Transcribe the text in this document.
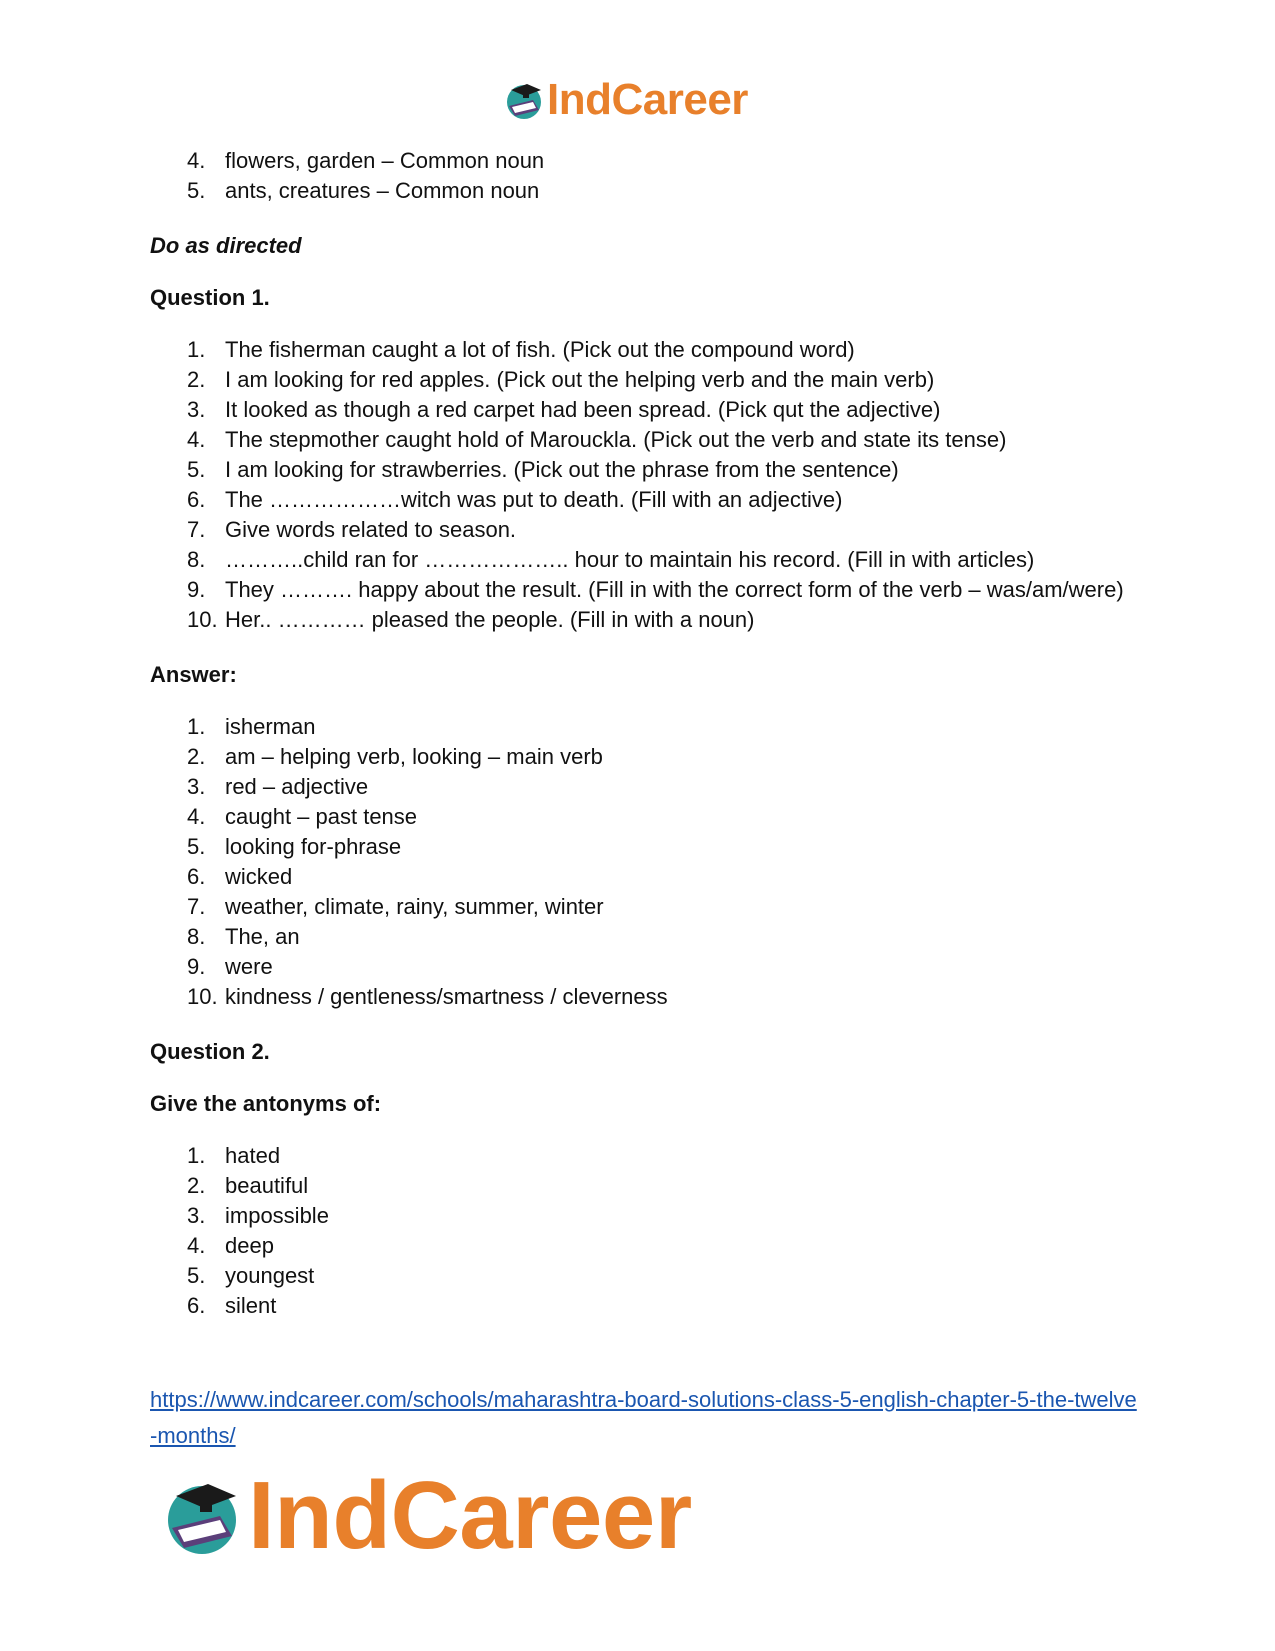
IndCareer
4. flowers, garden – Common noun
5. ants, creatures – Common noun

Do as directed

Question 1.

1. The fisherman caught a lot of fish. (Pick out the compound word)
2. I am looking for red apples. (Pick out the helping verb and the main verb)
3. It looked as though a red carpet had been spread. (Pick qut the adjective)
4. The stepmother caught hold of Marouckla. (Pick out the verb and state its tense)
5. I am looking for strawberries. (Pick out the phrase from the sentence)
6. The ………………witch was put to death. (Fill with an adjective)
7. Give words related to season.
8. ………..child ran for ……………….. hour to maintain his record. (Fill in with articles)
9. They ………. happy about the result. (Fill in with the correct form of the verb – was/am/were)
10. Her.. ………… pleased the people. (Fill in with a noun)

Answer:

1. isherman
2. am – helping verb, looking – main verb
3. red – adjective
4. caught – past tense
5. looking for-phrase
6. wicked
7. weather, climate, rainy, summer, winter
8. The, an
9. were
10. kindness / gentleness/smartness / cleverness

Question 2.

Give the antonyms of:

1. hated
2. beautiful
3. impossible
4. deep
5. youngest
6. silent
https://www.indcareer.com/schools/maharashtra-board-solutions-class-5-english-chapter-5-the-twelve-months/
IndCareer
